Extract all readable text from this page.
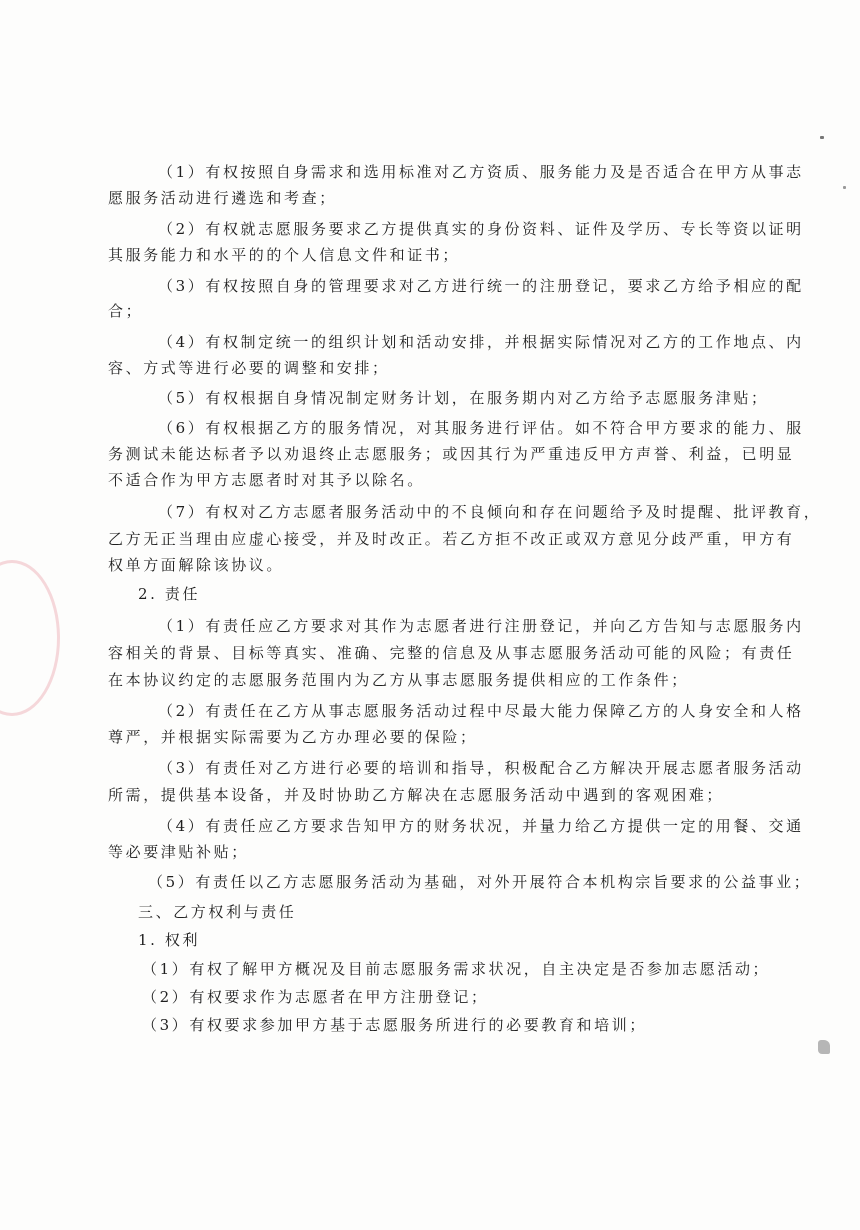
（1）有权按照自身需求和选用标准对乙方资质、服务能力及是否适合在甲方从事志
愿服务活动进行遴选和考查；
（2）有权就志愿服务要求乙方提供真实的身份资料、证件及学历、专长等资以证明
其服务能力和水平的的个人信息文件和证书；
（3）有权按照自身的管理要求对乙方进行统一的注册登记，要求乙方给予相应的配
合；
（4）有权制定统一的组织计划和活动安排，并根据实际情况对乙方的工作地点、内
容、方式等进行必要的调整和安排；
（5）有权根据自身情况制定财务计划，在服务期内对乙方给予志愿服务津贴；
（6）有权根据乙方的服务情况，对其服务进行评估。如不符合甲方要求的能力、服
务测试未能达标者予以劝退终止志愿服务；或因其行为严重违反甲方声誉、利益，已明显
不适合作为甲方志愿者时对其予以除名。
（7）有权对乙方志愿者服务活动中的不良倾向和存在问题给予及时提醒、批评教育，
乙方无正当理由应虚心接受，并及时改正。若乙方拒不改正或双方意见分歧严重，甲方有
权单方面解除该协议。
2. 责任
（1）有责任应乙方要求对其作为志愿者进行注册登记，并向乙方告知与志愿服务内
容相关的背景、目标等真实、准确、完整的信息及从事志愿服务活动可能的风险；有责任
在本协议约定的志愿服务范围内为乙方从事志愿服务提供相应的工作条件；
（2）有责任在乙方从事志愿服务活动过程中尽最大能力保障乙方的人身安全和人格
尊严，并根据实际需要为乙方办理必要的保险；
（3）有责任对乙方进行必要的培训和指导，积极配合乙方解决开展志愿者服务活动
所需，提供基本设备，并及时协助乙方解决在志愿服务活动中遇到的客观困难；
（4）有责任应乙方要求告知甲方的财务状况，并量力给乙方提供一定的用餐、交通
等必要津贴补贴；
（5）有责任以乙方志愿服务活动为基础，对外开展符合本机构宗旨要求的公益事业；
三、乙方权利与责任
1. 权利
（1）有权了解甲方概况及目前志愿服务需求状况，自主决定是否参加志愿活动；
（2）有权要求作为志愿者在甲方注册登记；
（3）有权要求参加甲方基于志愿服务所进行的必要教育和培训；
